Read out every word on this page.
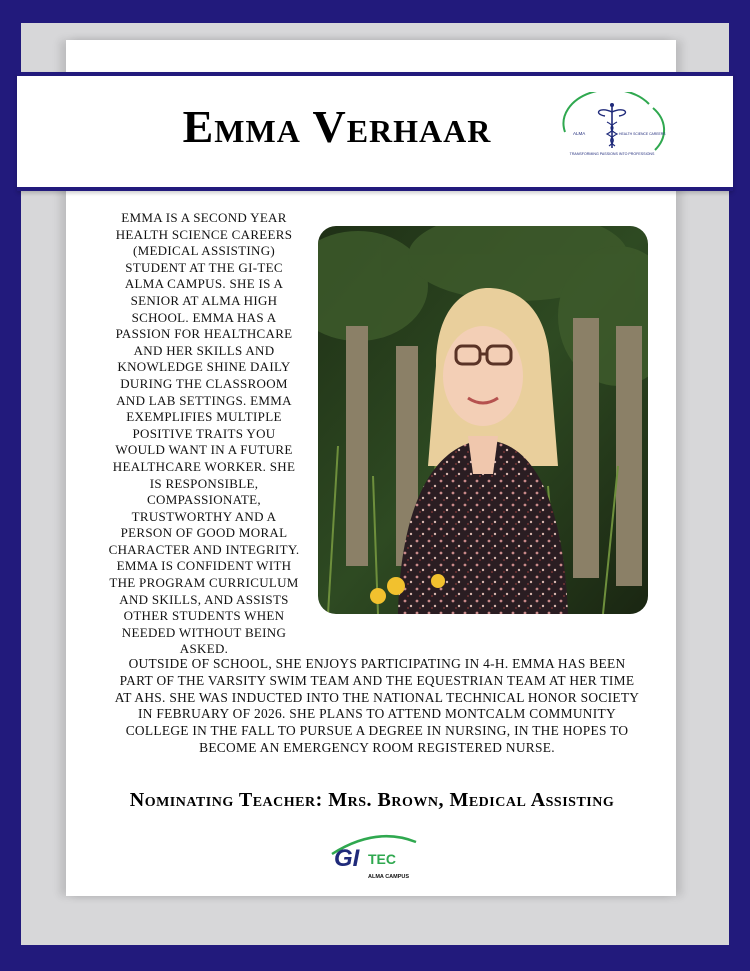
Emma Verhaar	ALMA	HEALTH SCIENCE CAREERS
TRANSFORMING PASSIONS INTO PROFESSIONS
EMMA IS A SECOND YEAR HEALTH SCIENCE CAREERS (MEDICAL ASSISTING) STUDENT AT THE GI-TEC ALMA CAMPUS. SHE IS A SENIOR AT ALMA HIGH SCHOOL. EMMA HAS A PASSION FOR HEALTHCARE AND HER SKILLS AND KNOWLEDGE SHINE DAILY DURING THE CLASSROOM AND LAB SETTINGS. EMMA EXEMPLIFIES MULTIPLE POSITIVE TRAITS YOU WOULD WANT IN A FUTURE HEALTHCARE WORKER. SHE IS RESPONSIBLE, COMPASSIONATE, TRUSTWORTHY AND A PERSON OF GOOD MORAL CHARACTER AND INTEGRITY. EMMA IS CONFIDENT WITH THE PROGRAM CURRICULUM AND SKILLS, AND ASSISTS OTHER STUDENTS WHEN NEEDED WITHOUT BEING ASKED.
OUTSIDE OF SCHOOL, SHE ENJOYS PARTICIPATING IN 4-H. EMMA HAS BEEN PART OF THE VARSITY SWIM TEAM AND THE EQUESTRIAN TEAM AT HER TIME AT AHS. SHE WAS INDUCTED INTO THE NATIONAL TECHNICAL HONOR SOCIETY IN FEBRUARY OF 2026. SHE PLANS TO ATTEND MONTCALM COMMUNITY COLLEGE IN THE FALL TO PURSUE A DEGREE IN NURSING, IN THE HOPES TO BECOME AN EMERGENCY ROOM REGISTERED NURSE.
Nominating Teacher: Mrs. Brown, Medical Assisting
GI TEC
ALMA CAMPUS
